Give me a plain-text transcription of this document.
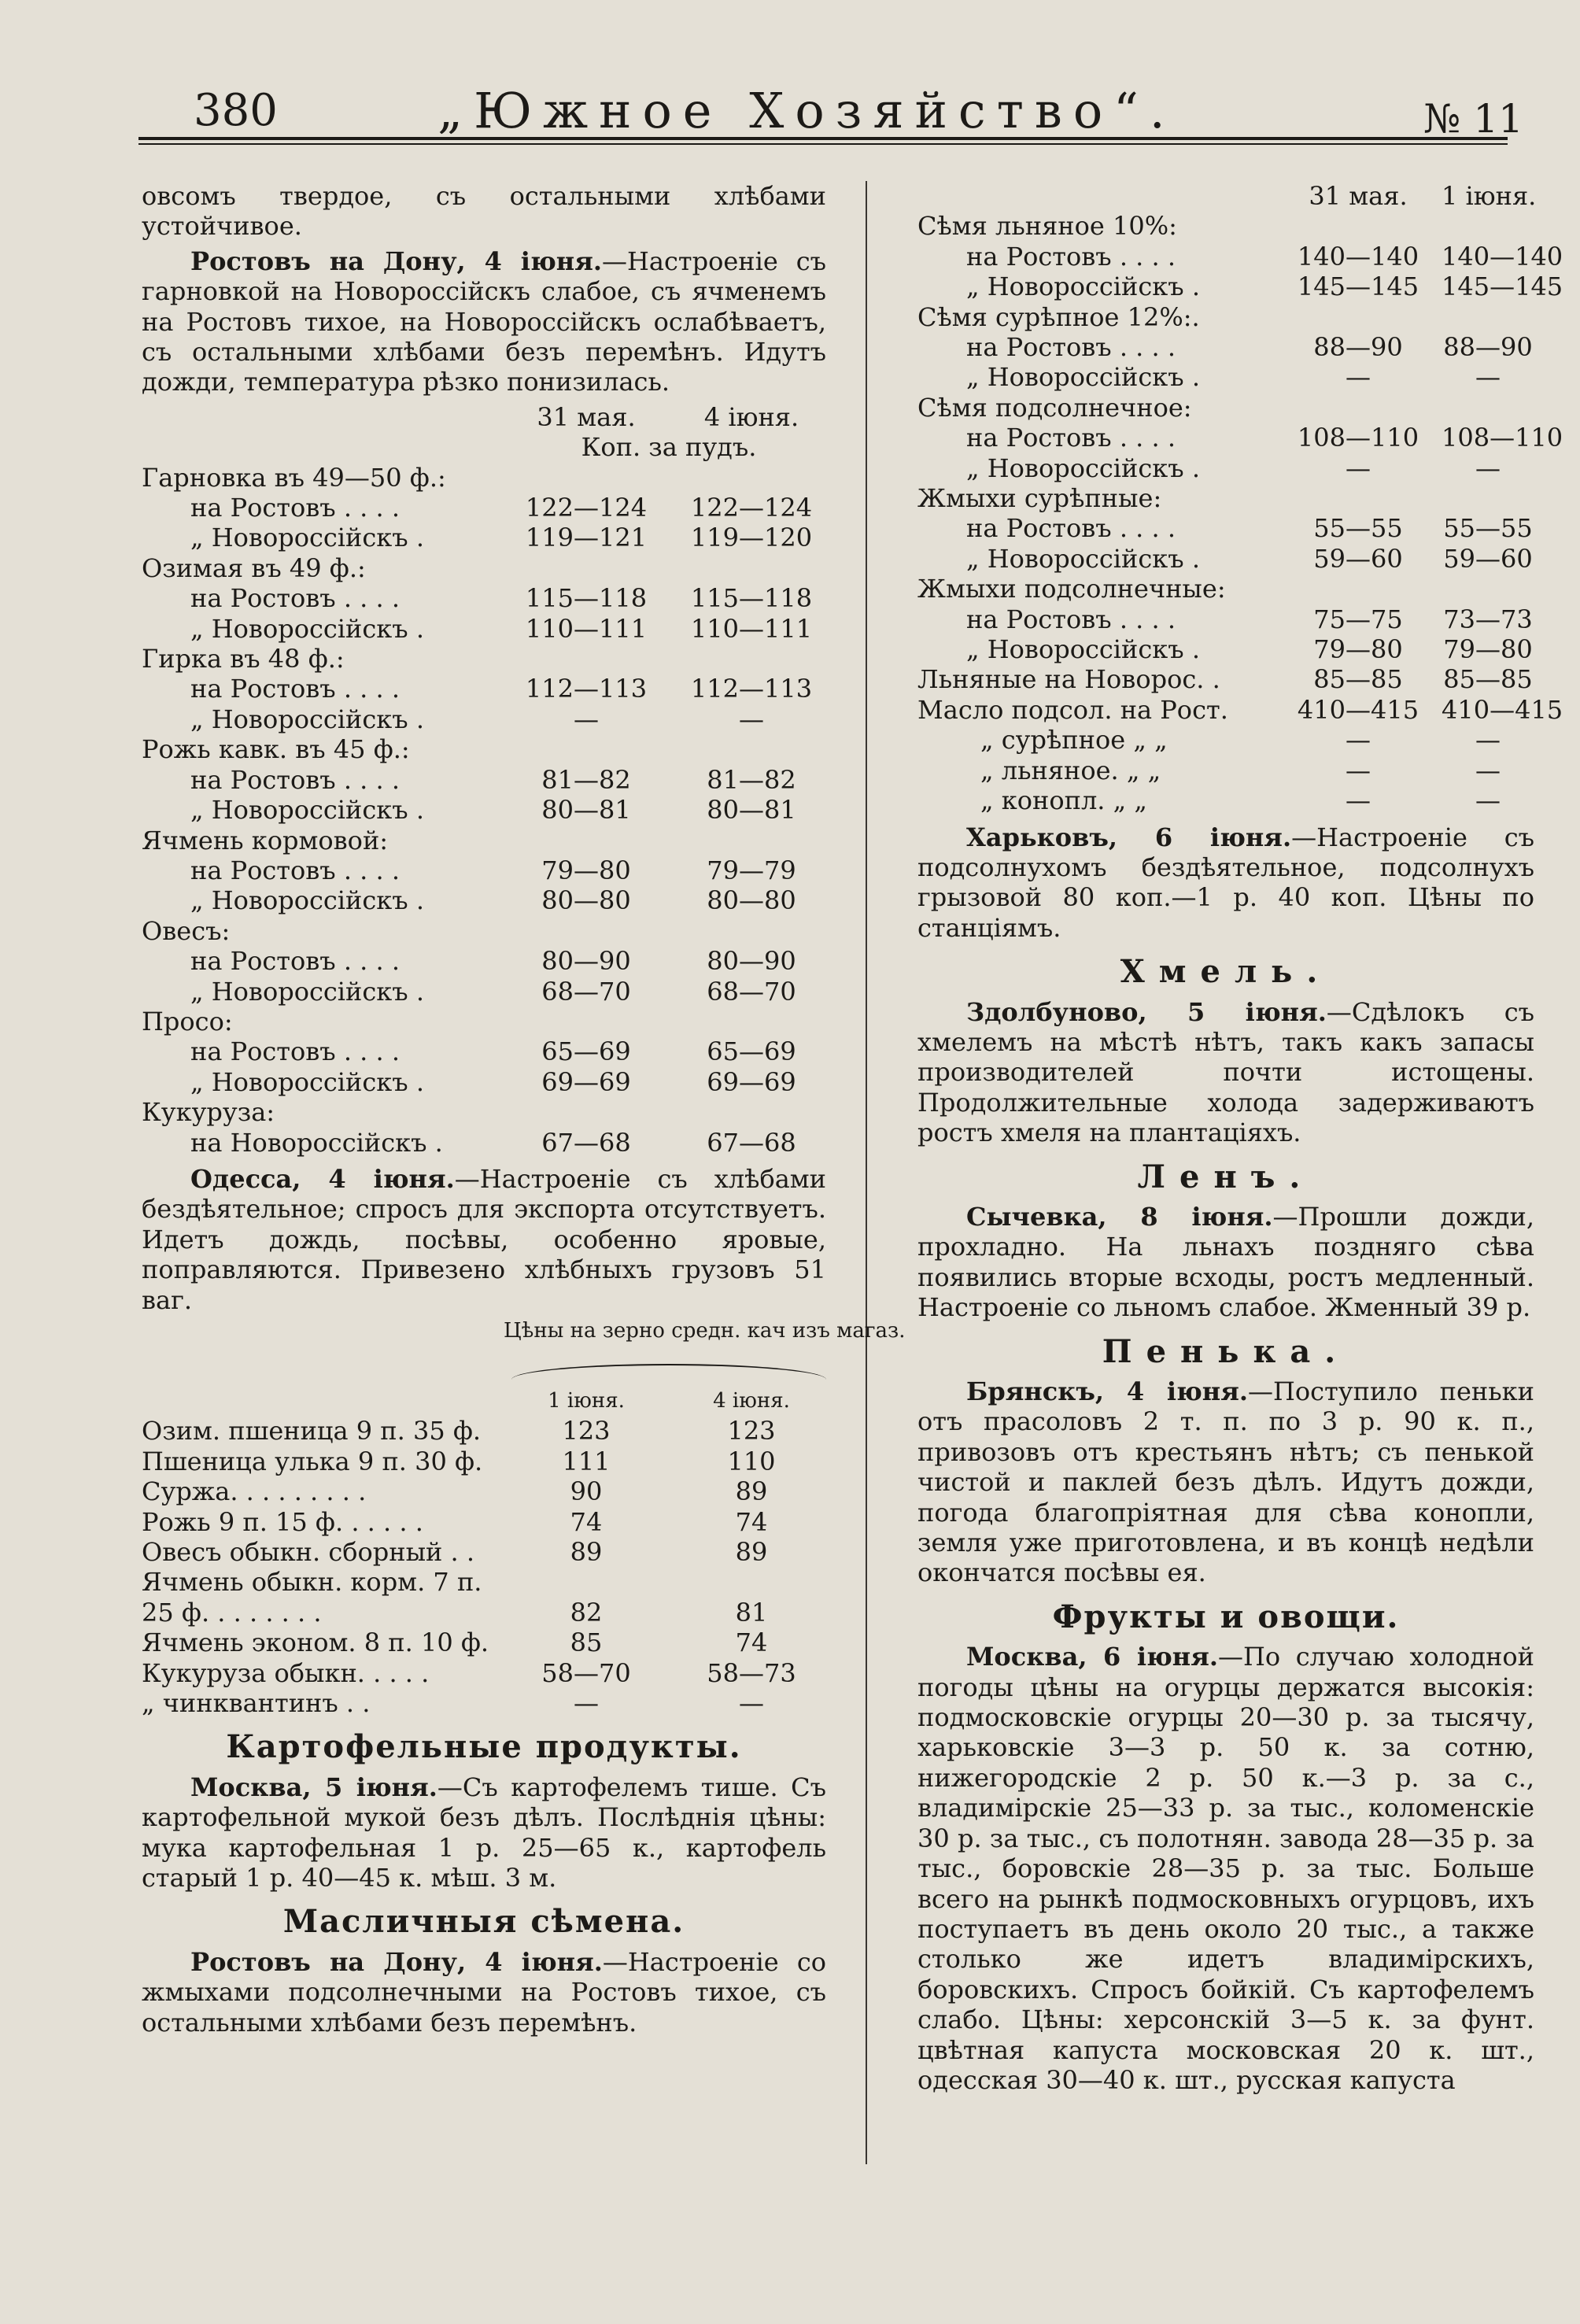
380	„Южное Хозяйство“.	№ 11

овсомъ твердое, съ остальными хлѣбами устойчивое.

Ростовъ на Дону, 4 іюня.—Настроеніе съ гарновкой на Новороссійскъ слабое, съ ячменемъ на Ростовъ тихое, на Новороссійскъ ослабѣваетъ, съ остальными хлѣбами безъ перемѣнъ. Идутъ дожди, температура рѣзко понизилась.

31 мая.	4 іюня.
Коп. за пудъ.
Гарновка въ 49—50 ф.:
на Ростовъ . . . .	122—124	122—124
„ Новороссійскъ .	119—121	119—120
Озимая въ 49 ф.:
на Ростовъ . . . .	115—118	115—118
„ Новороссійскъ .	110—111	110—111
Гирка въ 48 ф.:
на Ростовъ . . . .	112—113	112—113
„ Новороссійскъ .	—	—
Рожь кавк. въ 45 ф.:
на Ростовъ . . . .	81—82	81—82
„ Новороссійскъ .	80—81	80—81
Ячмень кормовой:
на Ростовъ . . . .	79—80	79—79
„ Новороссійскъ .	80—80	80—80
Овесъ:
на Ростовъ . . . .	80—90	80—90
„ Новороссійскъ .	68—70	68—70
Просо:
на Ростовъ . . . .	65—69	65—69
„ Новороссійскъ .	69—69	69—69
Кукуруза:
на Новороссійскъ .	67—68	67—68

Одесса, 4 іюня.—Настроеніе съ хлѣбами бездѣятельное; спросъ для экспорта отсутствуетъ. Идетъ дождь, посѣвы, особенно яровые, поправляются. Привезено хлѣбныхъ грузовъ 51 ваг.

Цѣны на зерно средн. кач изъ магаз.
1 іюня.	4 іюня.
Озим. пшеница 9 п. 35 ф.	123	123
Пшеница улька 9 п. 30 ф.	111	110
Суржа. . . . . . . . .	90	89
Рожь 9 п. 15 ф. . . . . .	74	74
Овесъ обыкн. сборный . .	89	89
Ячмень обыкн. корм. 7 п.
25 ф. . . . . . . .	82	81
Ячмень эконом. 8 п. 10 ф.	85	74
Кукуруза обыкн. . . . .	58—70	58—73
„ чинквантинъ . .	—	—
Картофельные продукты.

Москва, 5 іюня.—Съ картофелемъ тише. Съ картофельной мукой безъ дѣлъ. Послѣднія цѣны: мука картофельная 1 р. 25—65 к., картофель старый 1 р. 40—45 к. мѣш. 3 м.

Масличныя сѣмена.

Ростовъ на Дону, 4 іюня.—Настроеніе со жмыхами подсолнечными на Ростовъ тихое, съ остальными хлѣбами безъ перемѣнъ.

31 мая.	1 іюня.
Сѣмя льняное 10%:
на Ростовъ . . . .	140—140 140—140
„ Новороссійскъ .	145—145 145—145
Сѣмя сурѣпное 12%:.
на Ростовъ . . . .	88—90	88—90
„ Новороссійскъ .	—	—
Сѣмя подсолнечное:
на Ростовъ . . . .	108—110 108—110
„ Новороссійскъ .	—	—
Жмыхи сурѣпные:
на Ростовъ . . . .	55—55	55—55
„ Новороссійскъ .	59—60	59—60
Жмыхи подсолнечные:
на Ростовъ . . . .	75—75	73—73
„ Новороссійскъ .	79—80	79—80
Льняные на Новорос. .	85—85	85—85
Масло подсол. на Рост.	410—415 410—415
„ сурѣпное „ „	—	—
„ льняное. „ „	—	—
„ конопл. „ „	—	—

Харьковъ, 6 іюня.—Настроеніе съ подсолнухомъ бездѣятельное, подсолнухъ грызовой 80 коп.—1 р. 40 коп. Цѣны по станціямъ.

Хмель.

Здолбуново, 5 іюня.—Сдѣлокъ съ хмелемъ на мѣстѣ нѣтъ, такъ какъ запасы производителей почти истощены. Продолжительные холода задерживаютъ ростъ хмеля на плантаціяхъ.

Ленъ.

Сычевка, 8 іюня.—Прошли дожди, прохладно. На льнахъ поздняго сѣва появились вторые всходы, ростъ медленный. Настроеніе со льномъ слабое. Жменный 39 р.

Пенька.

Брянскъ, 4 іюня.—Поступило пеньки отъ прасоловъ 2 т. п. по 3 р. 90 к. п., привозовъ отъ крестьянъ нѣтъ; съ пенькой чистой и паклей безъ дѣлъ. Идутъ дожди, погода благопріятная для сѣва конопли, земля уже приготовлена, и въ концѣ недѣли окончатся посѣвы ея.

Фрукты и овощи.

Москва, 6 іюня.—По случаю холодной погоды цѣны на огурцы держатся высокія: подмосковскіе огурцы 20—30 р. за тысячу, харьковскіе 3—3 р. 50 к. за сотню, нижегородскіе 2 р. 50 к.—3 р. за с., владимірскіе 25—33 р. за тыс., коломенскіе 30 р. за тыс., съ полотнян. завода 28—35 р. за тыс., боровскіе 28—35 р. за тыс. Больше всего на рынкѣ подмосковныхъ огурцовъ, ихъ поступаетъ въ день около 20 тыс., а также столько же идетъ владимірскихъ, боровскихъ. Спросъ бойкій. Съ картофелемъ слабо. Цѣны: херсонскій 3—5 к. за фунт. цвѣтная капуста московская 20 к. шт., одесская 30—40 к. шт., русская капуста
